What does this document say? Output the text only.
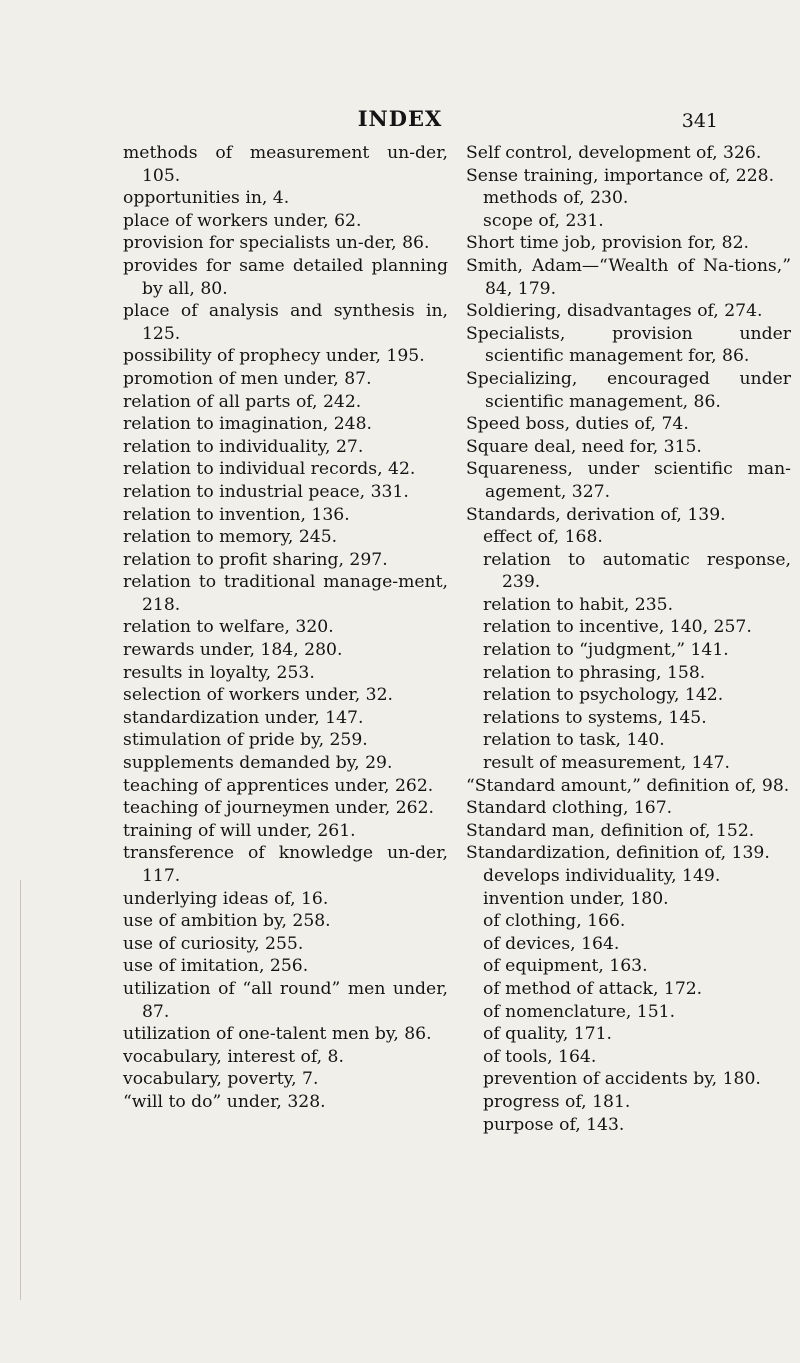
INDEX	341
methods of measurement un-der, 105.
opportunities in, 4.
place of workers under, 62.
provision for specialists un-der, 86.
provides for same detailed planning by all, 80.
place of analysis and synthesis in, 125.
possibility of prophecy under, 195.
promotion of men under, 87.
relation of all parts of, 242.
relation to imagination, 248.
relation to individuality, 27.
relation to individual records, 42.
relation to industrial peace, 331.
relation to invention, 136.
relation to memory, 245.
relation to profit sharing, 297.
relation to traditional manage-ment, 218.
relation to welfare, 320.
rewards under, 184, 280.
results in loyalty, 253.
selection of workers under, 32.
standardization under, 147.
stimulation of pride by, 259.
supplements demanded by, 29.
teaching of apprentices under, 262.
teaching of journeymen under, 262.
training of will under, 261.
transference of knowledge un-der, 117.
underlying ideas of, 16.
use of ambition by, 258.
use of curiosity, 255.
use of imitation, 256.
utilization of “all round” men under, 87.
utilization of one-talent men by, 86.
vocabulary, interest of, 8.
vocabulary, poverty, 7.
“will to do” under, 328.
Self control, development of, 326.
Sense training, importance of, 228.
methods of, 230.
scope of, 231.
Short time job, provision for, 82.
Smith, Adam—“Wealth of Na-tions,” 84, 179.
Soldiering, disadvantages of, 274.
Specialists, provision under scientific management for, 86.
Specializing, encouraged under scientific management, 86.
Speed boss, duties of, 74.
Square deal, need for, 315.
Squareness, under scientific man-agement, 327.
Standards, derivation of, 139.
effect of, 168.
relation to automatic response, 239.
relation to habit, 235.
relation to incentive, 140, 257.
relation to “judgment,” 141.
relation to phrasing, 158.
relation to psychology, 142.
relations to systems, 145.
relation to task, 140.
result of measurement, 147.
“Standard amount,” definition of, 98.
Standard clothing, 167.
Standard man, definition of, 152.
Standardization, definition of, 139.
develops individuality, 149.
invention under, 180.
of clothing, 166.
of devices, 164.
of equipment, 163.
of method of attack, 172.
of nomenclature, 151.
of quality, 171.
of tools, 164.
prevention of accidents by, 180.
progress of, 181.
purpose of, 143.
